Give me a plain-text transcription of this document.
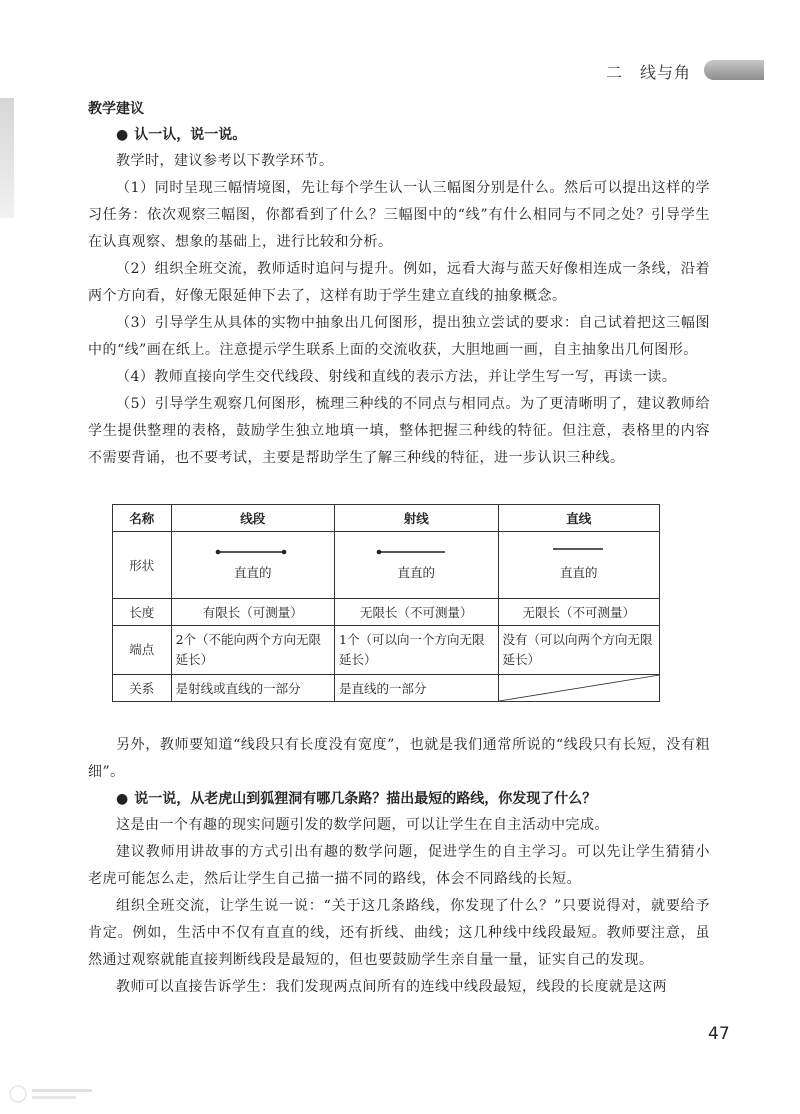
二　线与角
教学建议
● 认一认，说一说。

教学时，建议参考以下教学环节。

（1）同时呈现三幅情境图，先让每个学生认一认三幅图分别是什么。然后可以提出这样的学习任务：依次观察三幅图，你都看到了什么？三幅图中的“线”有什么相同与不同之处？引导学生在认真观察、想象的基础上，进行比较和分析。

（2）组织全班交流，教师适时追问与提升。例如，远看大海与蓝天好像相连成一条线，沿着两个方向看，好像无限延伸下去了，这样有助于学生建立直线的抽象概念。

（3）引导学生从具体的实物中抽象出几何图形，提出独立尝试的要求：自己试着把这三幅图中的“线”画在纸上。注意提示学生联系上面的交流收获，大胆地画一画，自主抽象出几何图形。

（4）教师直接向学生交代线段、射线和直线的表示方法，并让学生写一写，再读一读。

（5）引导学生观察几何图形，梳理三种线的不同点与相同点。为了更清晰明了，建议教师给学生提供整理的表格，鼓励学生独立地填一填，整体把握三种线的特征。但注意，表格里的内容不需要背诵，也不要考试，主要是帮助学生了解三种线的特征，进一步认识三种线。

名称	线段	射线	直线
形状	直直的	直直的	直直的

长度	有限长（可测量）	无限长（不可测量）	无限长（不可测量）
端点	2个（不能向两个方向无限延长）	1个（可以向一个方向无限延长）	没有（可以向两个方向无限延长）
关系	是射线或直线的一部分	是直线的一部分	

另外，教师要知道“线段只有长度没有宽度”，也就是我们通常所说的“线段只有长短，没有粗细”。

● 说一说，从老虎山到狐狸洞有哪几条路？描出最短的路线，你发现了什么？

这是由一个有趣的现实问题引发的数学问题，可以让学生在自主活动中完成。

建议教师用讲故事的方式引出有趣的数学问题，促进学生的自主学习。可以先让学生猜猜小老虎可能怎么走，然后让学生自己描一描不同的路线，体会不同路线的长短。

组织全班交流，让学生说一说：“关于这几条路线，你发现了什么？”只要说得对，就要给予肯定。例如，生活中不仅有直直的线，还有折线、曲线；这几种线中线段最短。教师要注意，虽然通过观察就能直接判断线段是最短的，但也要鼓励学生亲自量一量，证实自己的发现。

教师可以直接告诉学生：我们发现两点间所有的连线中线段最短，线段的长度就是这两

47
